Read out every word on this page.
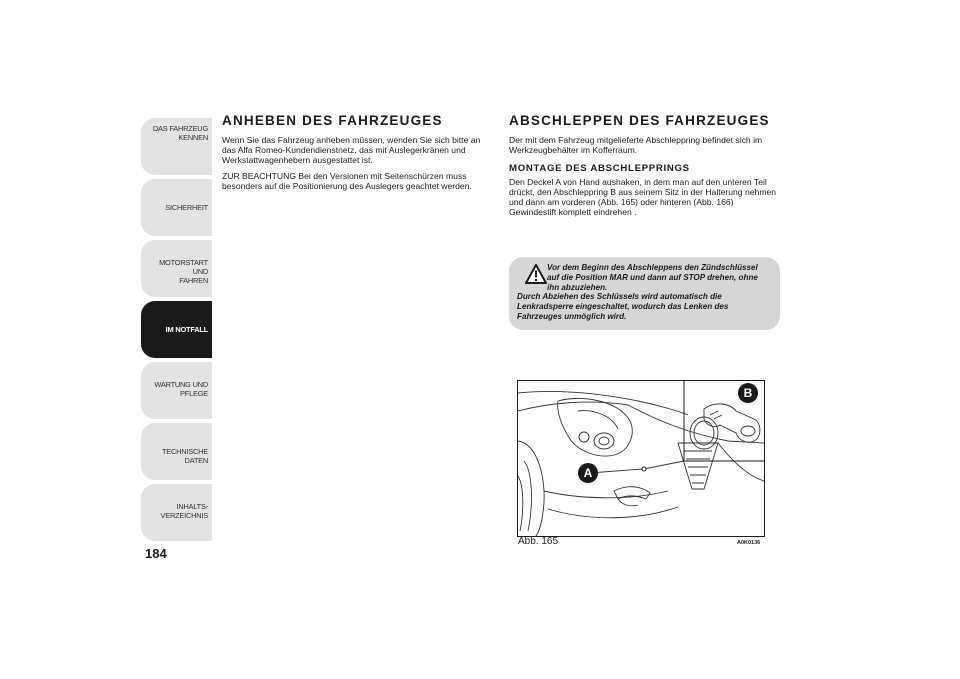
DAS FAHRZEUG
KENNEN
SICHERHEIT
MOTORSTART UND
FAHREN
IM NOTFALL
WARTUNG UND
PFLEGE
TECHNISCHE DATEN
INHALTS-
VERZEICHNIS
184
ANHEBEN DES FAHRZEUGES

Wenn Sie das Fahrzeug anheben müssen, wenden Sie sich bitte an das Alfa Romeo-Kundendienstnetz, das mit Auslegerkränen und Werkstattwagenhebern ausgestattet ist.

ZUR BEACHTUNG Bei den Versionen mit Seitenschürzen muss besonders auf die Positionierung des Auslegers geachtet werden.

ABSCHLEPPEN DES FAHRZEUGES

Der mit dem Fahrzeug mitgelieferte Abschleppring befindet sich im Werkzeugbehälter im Kofferraum.

MONTAGE DES ABSCHLEPPRINGS

Den Deckel A von Hand aushaken, in dem man auf den unteren Teil drückt, den Abschleppring B aus seinem Sitz in der Halterung nehmen und dann am vorderen (Abb. 165) oder hinteren (Abb. 166) Gewindestift komplett eindrehen .

Vor dem Beginn des Abschleppens den Zündschlüssel auf die Position MAR und dann auf STOP drehen, ohne ihn abzuziehen.
Durch Abziehen des Schlüssels wird automatisch die Lenkradsperre eingeschaltet, wodurch das Lenken des Fahrzeuges unmöglich wird.
B
A
Abb. 165	A0K0136
